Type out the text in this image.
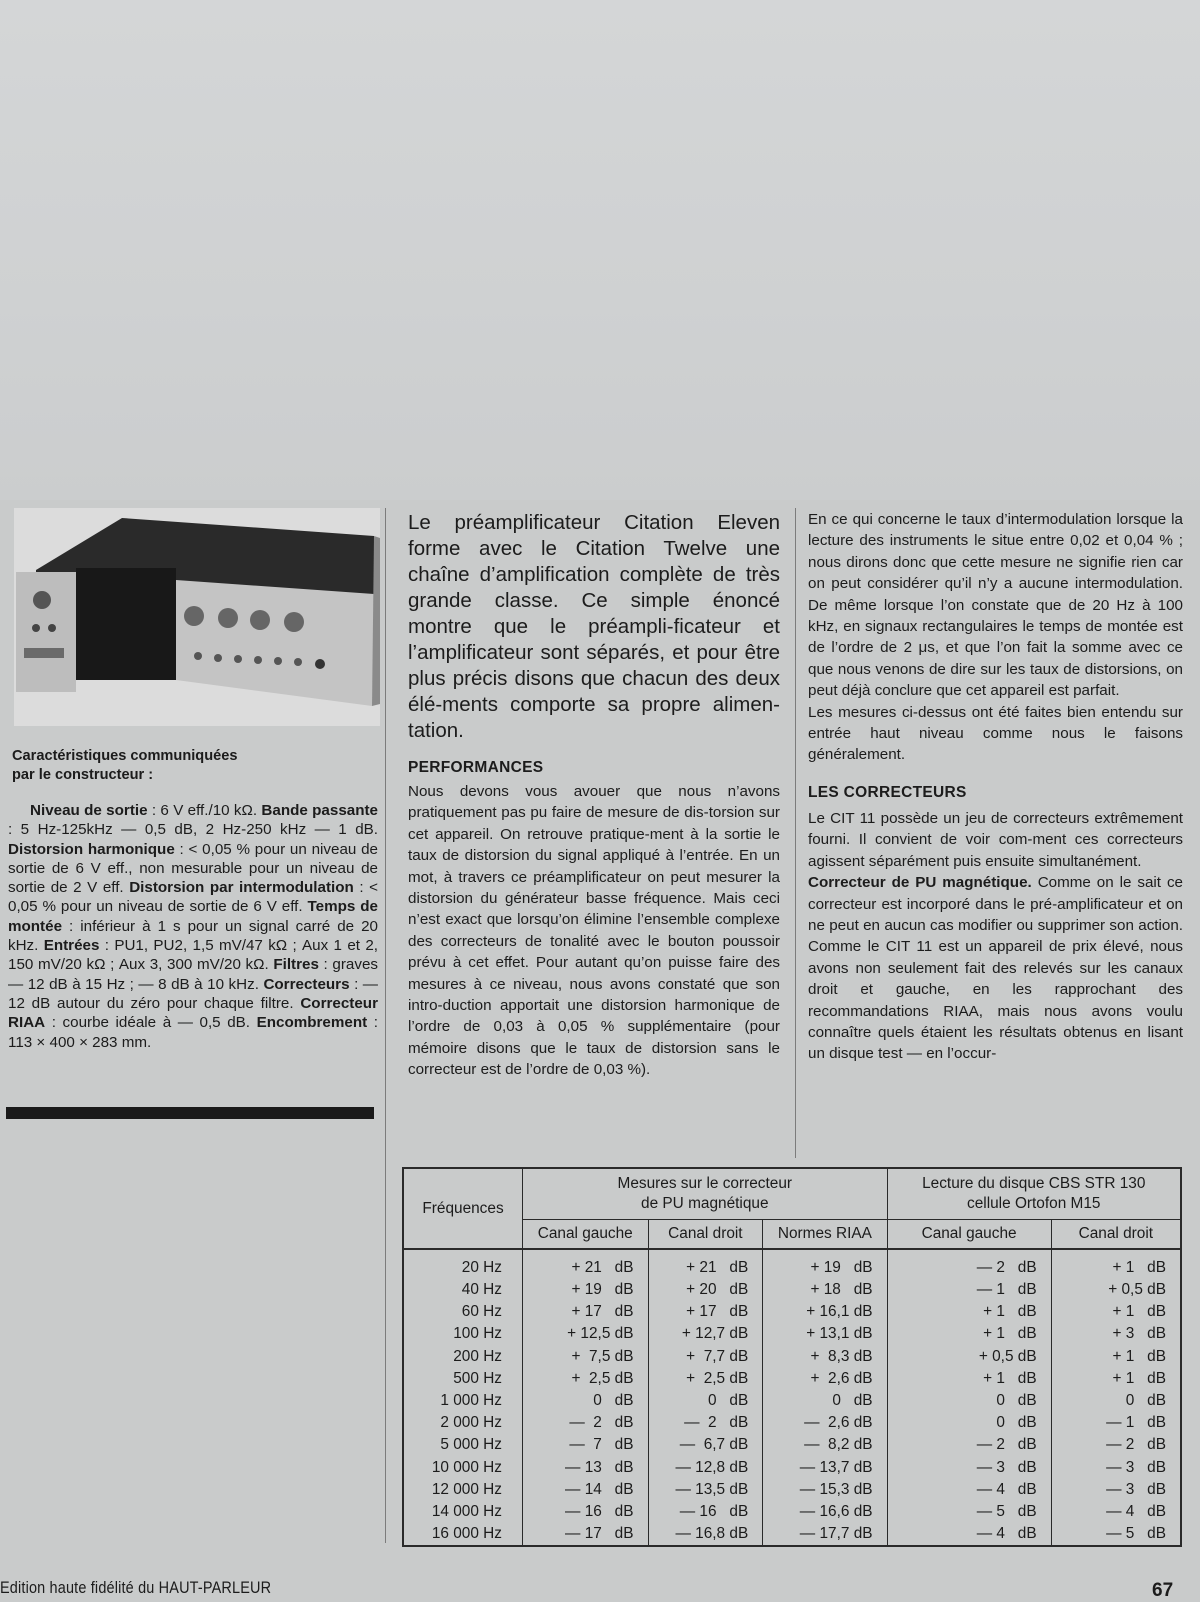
Caractéristiques communiquées
par le constructeur :

Niveau de sortie : 6 V eff./10 kΩ. Bande passante : 5 Hz-125kHz — 0,5 dB, 2 Hz-250 kHz — 1 dB. Distorsion harmonique : < 0,05 % pour un niveau de sortie de 6 V eff., non mesurable pour un niveau de sortie de 2 V eff. Distorsion par intermodulation : < 0,05 % pour un niveau de sortie de 6 V eff. Temps de montée : inférieur à 1 s pour un signal carré de 20 kHz. Entrées : PU1, PU2, 1,5 mV/47 kΩ ; Aux 1 et 2, 150 mV/20 kΩ ; Aux 3, 300 mV/20 kΩ. Filtres : graves — 12 dB à 15 Hz ; — 8 dB à 10 kHz. Correcteurs : — 12 dB autour du zéro pour chaque filtre. Correcteur RIAA : courbe idéale à — 0,5 dB. Encombrement : 113 × 400 × 283 mm.

Le préamplificateur Citation Eleven forme avec le Citation Twelve une chaîne d’amplification complète de très grande classe. Ce simple énoncé montre que le préampli-ficateur et l’amplificateur sont séparés, et pour être plus précis disons que chacun des deux élé-ments comporte sa propre alimen-tation.

PERFORMANCES

Nous devons vous avouer que nous n’avons pratiquement pas pu faire de mesure de dis-torsion sur cet appareil. On retrouve pratique-ment à la sortie le taux de distorsion du signal appliqué à l’entrée. En un mot, à travers ce préamplificateur on peut mesurer la distorsion du générateur basse fréquence. Mais ceci n’est exact que lorsqu’on élimine l’ensemble complexe des correcteurs de tonalité avec le bouton poussoir prévu à cet effet. Pour autant qu’on puisse faire des mesures à ce niveau, nous avons constaté que son intro-duction apportait une distorsion harmonique de l’ordre de 0,03 à 0,05 % supplémentaire (pour mémoire disons que le taux de distorsion sans le correcteur est de l’ordre de 0,03 %).

En ce qui concerne le taux d’intermodulation lorsque la lecture des instruments le situe entre 0,02 et 0,04 % ; nous dirons donc que cette mesure ne signifie rien car on peut considérer qu’il n’y a aucune intermodulation. De même lorsque l’on constate que de 20 Hz à 100 kHz, en signaux rectangulaires le temps de montée est de l’ordre de 2 μs, et que l’on fait la somme avec ce que nous venons de dire sur les taux de distorsions, on peut déjà conclure que cet appareil est parfait.

Les mesures ci-dessus ont été faites bien entendu sur entrée haut niveau comme nous le faisons généralement.

LES CORRECTEURS

Le CIT 11 possède un jeu de correcteurs extrêmement fourni. Il convient de voir com-ment ces correcteurs agissent séparément puis ensuite simultanément.

Correcteur de PU magnétique. Comme on le sait ce correcteur est incorporé dans le pré-amplificateur et on ne peut en aucun cas modifier ou supprimer son action. Comme le CIT 11 est un appareil de prix élevé, nous avons non seulement fait des relevés sur les canaux droit et gauche, en les rapprochant des recommandations RIAA, mais nous avons voulu connaître quels étaient les résultats obtenus en lisant un disque test — en l’occur-

Fréquences	Mesures sur le correcteur
de PU magnétique			Lecture du disque CBS STR 130
cellule Ortofon M15	
	Canal gauche	Canal droit	Normes RIAA	Canal gauche	Canal droit
20 Hz	+ 21   dB	+ 21   dB	+ 19   dB	— 2   dB	+ 1   dB
40 Hz	+ 19   dB	+ 20   dB	+ 18   dB	— 1   dB	+ 0,5 dB
60 Hz	+ 17   dB	+ 17   dB	+ 16,1 dB	+ 1   dB	+ 1   dB
100 Hz	+ 12,5 dB	+ 12,7 dB	+ 13,1 dB	+ 1   dB	+ 3   dB
200 Hz	+  7,5 dB	+  7,7 dB	+  8,3 dB	+ 0,5 dB	+ 1   dB
500 Hz	+  2,5 dB	+  2,5 dB	+  2,6 dB	+ 1   dB	+ 1   dB
1 000 Hz	0   dB	0   dB	0   dB	0   dB	0   dB
2 000 Hz	—  2   dB	—  2   dB	—  2,6 dB	0   dB	— 1   dB
5 000 Hz	—  7   dB	—  6,7 dB	—  8,2 dB	— 2   dB	— 2   dB
10 000 Hz	— 13   dB	— 12,8 dB	— 13,7 dB	— 3   dB	— 3   dB
12 000 Hz	— 14   dB	— 13,5 dB	— 15,3 dB	— 4   dB	— 3   dB
14 000 Hz	— 16   dB	— 16   dB	— 16,6 dB	— 5   dB	— 4   dB
16 000 Hz	— 17   dB	— 16,8 dB	— 17,7 dB	— 4   dB	— 5   dB
Edition haute fidélité du HAUT-PARLEUR	67
